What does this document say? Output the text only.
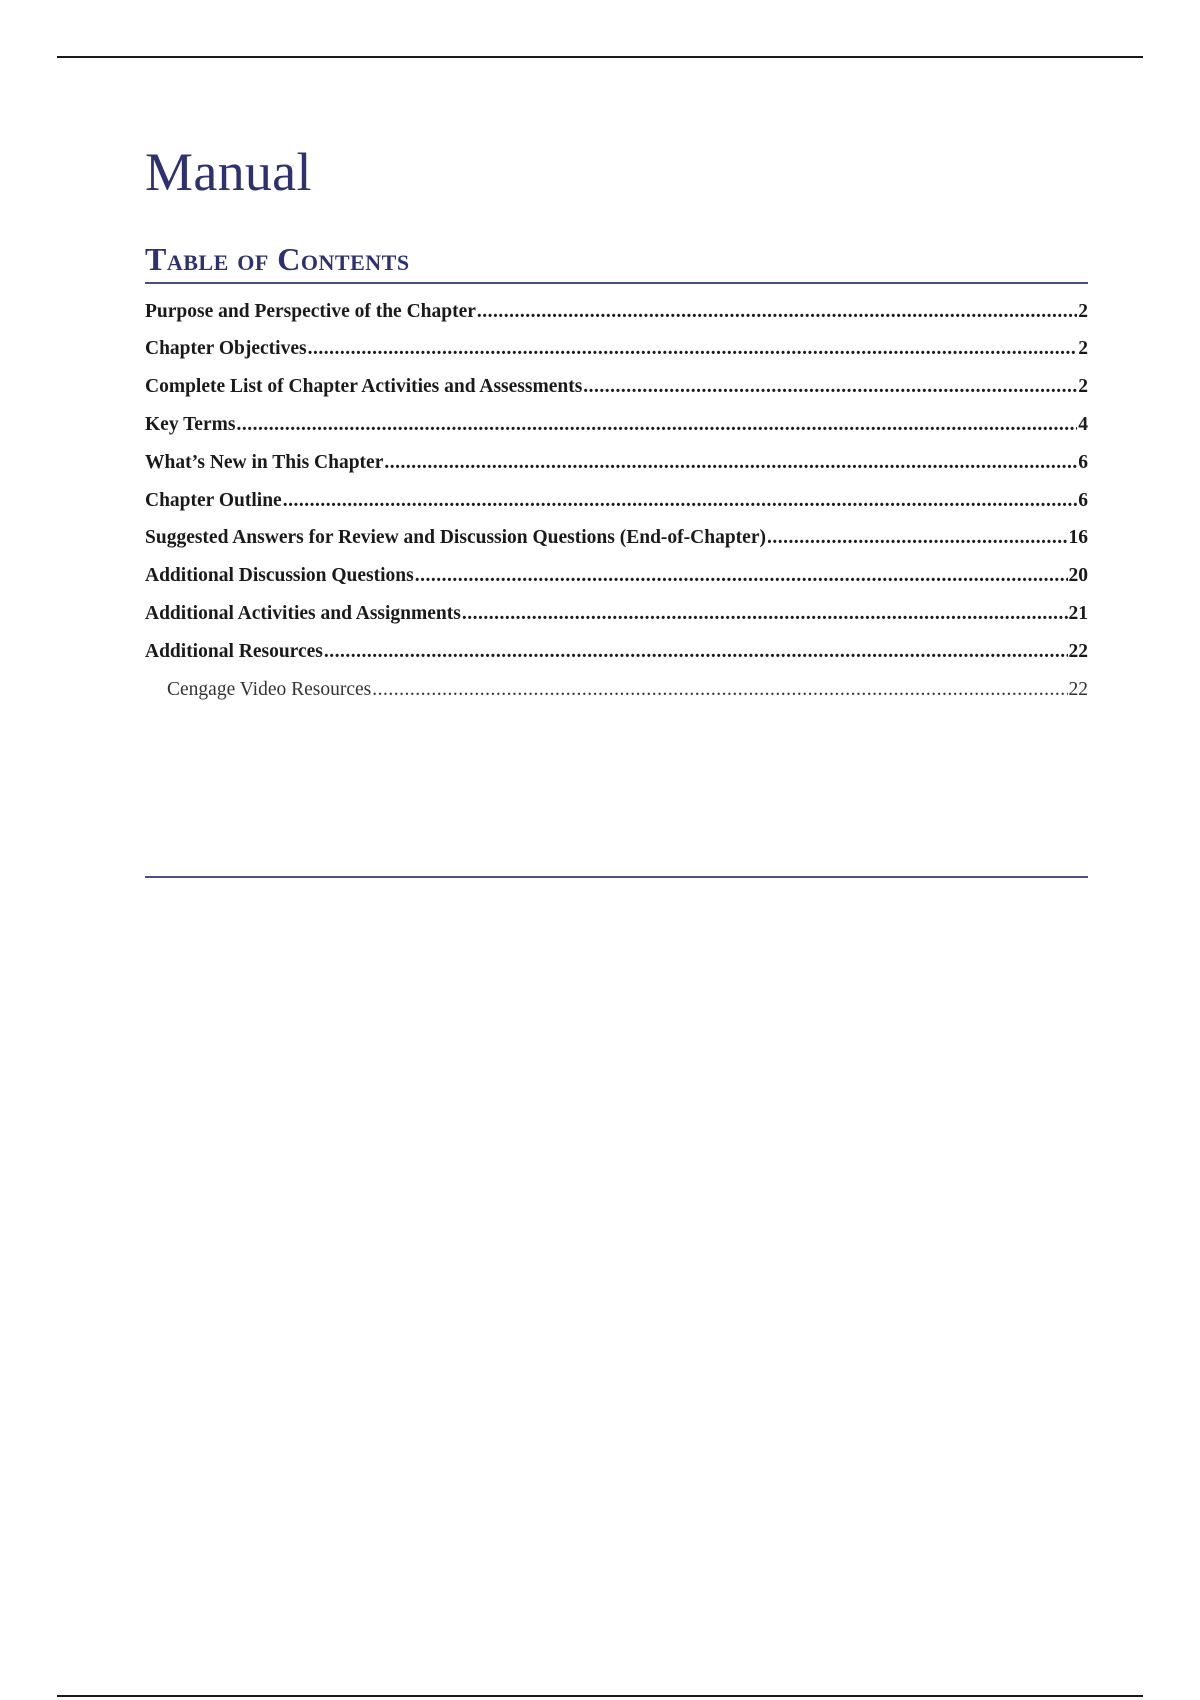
Manual
Table of Contents
Purpose and Perspective of the Chapter .....	2
Chapter Objectives .....	2
Complete List of Chapter Activities and Assessments .....	2
Key Terms .....	4
What’s New in This Chapter .....	6
Chapter Outline .....	6
Suggested Answers for Review and Discussion Questions (End-of-Chapter) .....	16
Additional Discussion Questions .....	20
Additional Activities and Assignments .....	21
Additional Resources .....	22
Cengage Video Resources .....	22
